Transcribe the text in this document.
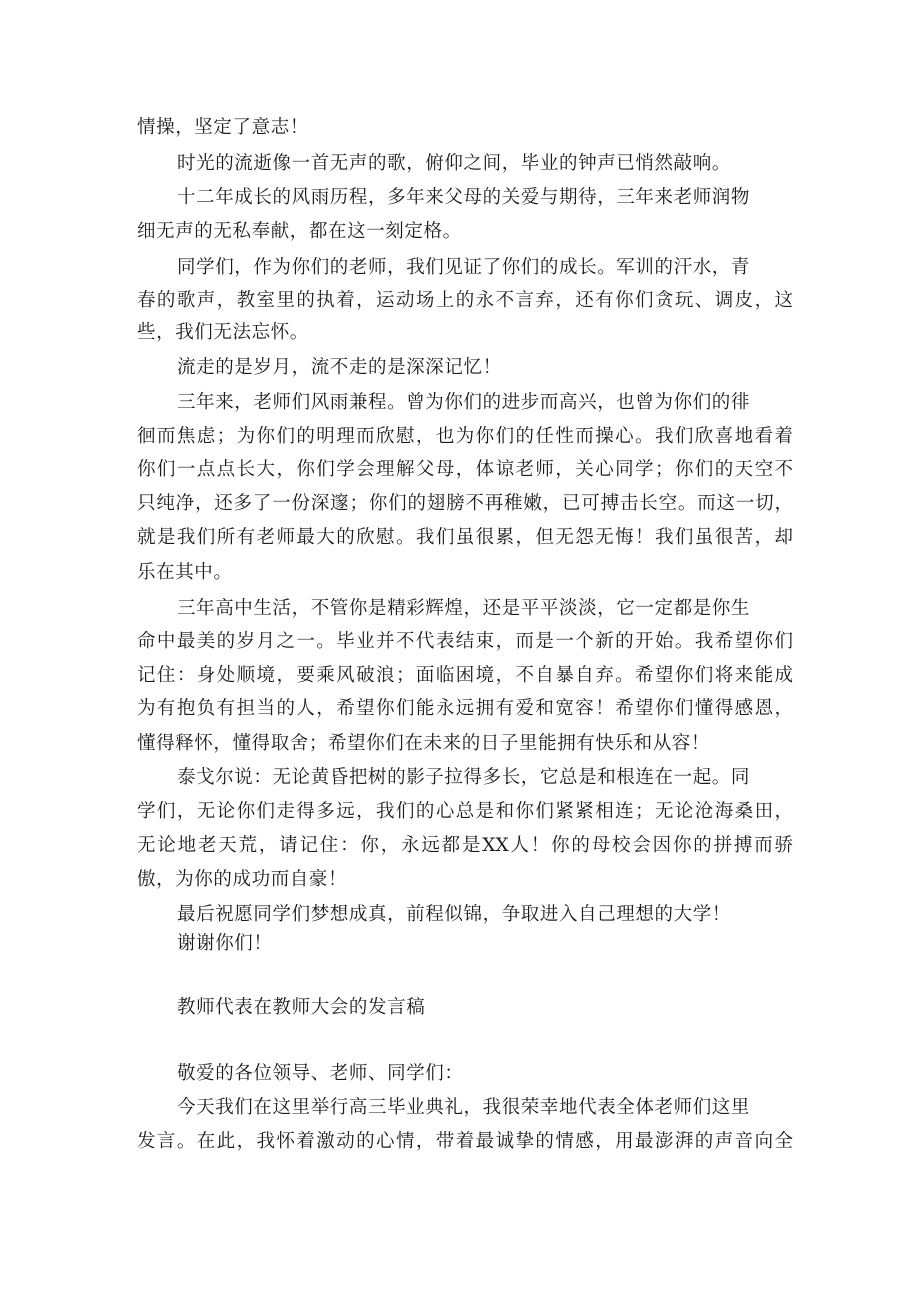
情操，坚定了意志！
时光的流逝像一首无声的歌，俯仰之间，毕业的钟声已悄然敲响。
十二年成长的风雨历程，多年来父母的关爱与期待，三年来老师润物
细无声的无私奉献，都在这一刻定格。
同学们，作为你们的老师，我们见证了你们的成长。军训的汗水，青
春的歌声，教室里的执着，运动场上的永不言弃，还有你们贪玩、调皮，这
些，我们无法忘怀。
流走的是岁月，流不走的是深深记忆！
三年来，老师们风雨兼程。曾为你们的进步而高兴，也曾为你们的徘
徊而焦虑；为你们的明理而欣慰，也为你们的任性而操心。我们欣喜地看着
你们一点点长大，你们学会理解父母，体谅老师，关心同学；你们的天空不
只纯净，还多了一份深邃；你们的翅膀不再稚嫩，已可搏击长空。而这一切，
就是我们所有老师最大的欣慰。我们虽很累，但无怨无悔！我们虽很苦，却
乐在其中。
三年高中生活，不管你是精彩辉煌，还是平平淡淡，它一定都是你生
命中最美的岁月之一。毕业并不代表结束，而是一个新的开始。我希望你们
记住：身处顺境，要乘风破浪；面临困境，不自暴自弃。希望你们将来能成
为有抱负有担当的人，希望你们能永远拥有爱和宽容！希望你们懂得感恩，
懂得释怀，懂得取舍；希望你们在未来的日子里能拥有快乐和从容！
泰戈尔说：无论黄昏把树的影子拉得多长，它总是和根连在一起。同
学们，无论你们走得多远，我们的心总是和你们紧紧相连；无论沧海桑田，
无论地老天荒，请记住：你，永远都是XX人！你的母校会因你的拼搏而骄
傲，为你的成功而自豪！
最后祝愿同学们梦想成真，前程似锦，争取进入自己理想的大学！
谢谢你们！
教师代表在教师大会的发言稿
敬爱的各位领导、老师、同学们：
今天我们在这里举行高三毕业典礼，我很荣幸地代表全体老师们这里
发言。在此，我怀着激动的心情，带着最诚挚的情感，用最澎湃的声音向全
